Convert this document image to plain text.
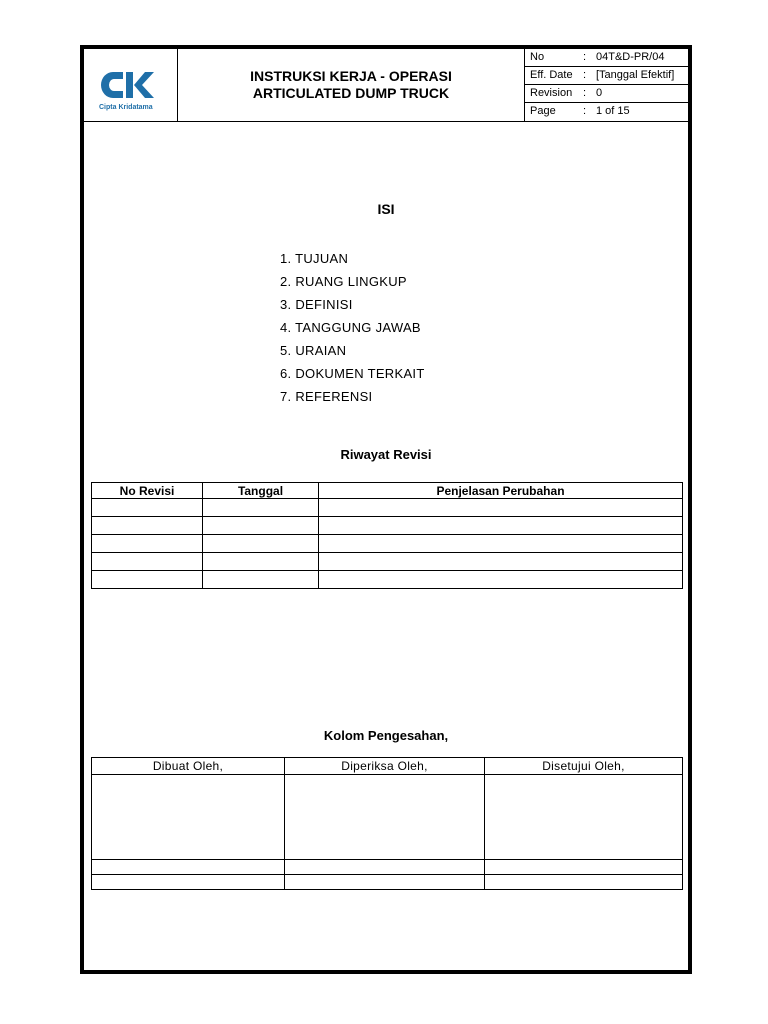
Cipta Kridatama
INSTRUKSI KERJA - OPERASI
ARTICULATED DUMP TRUCK
No	: 04T&D-PR/04
Eff. Date : [Tanggal Efektif]
Revision : 0
Page : 1 of 15
ISI
1. TUJUAN
2. RUANG LINGKUP
3. DEFINISI
4. TANGGUNG JAWAB
5. URAIAN
6. DOKUMEN TERKAIT
7. REFERENSI
Riwayat Revisi
No Revisi	Tanggal	Penjelasan Perubahan

Kolom Pengesahan,
Dibuat Oleh,	Diperiksa Oleh,	Disetujui Oleh,
